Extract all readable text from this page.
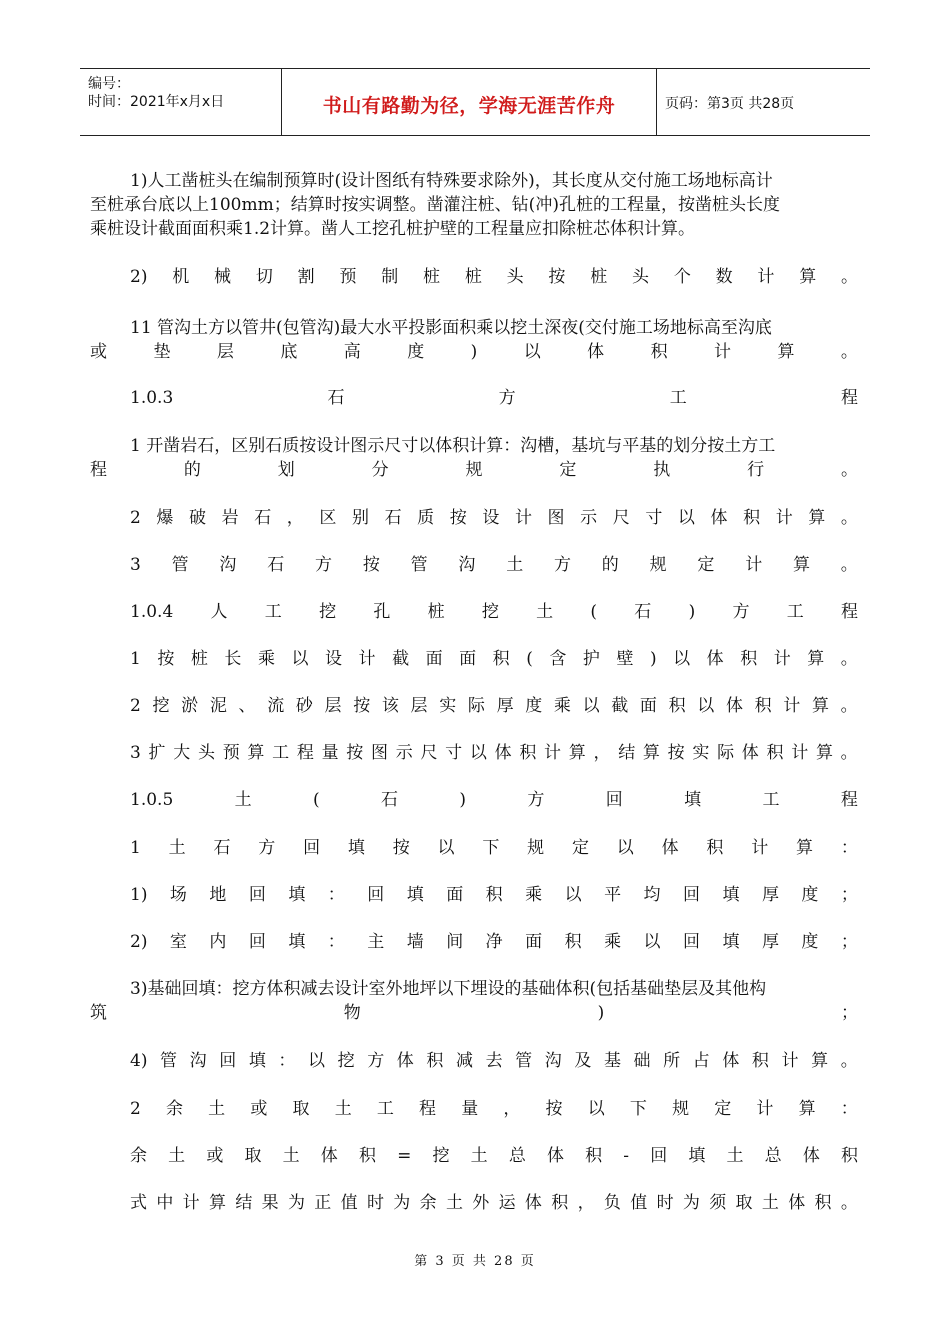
编号：
时间：2021年x月x日	书山有路勤为径，学海无涯苦作舟	页码：第3页 共28页
1)人工凿桩头在编制预算时(设计图纸有特殊要求除外)，其长度从交付施工场地标高计
至桩承台底以上100mm；结算时按实调整。凿灌注桩、钻(冲)孔桩的工程量，按凿桩头长度
乘桩设计截面面积乘1.2计算。凿人工挖孔桩护壁的工程量应扣除桩芯体积计算。
2) 机 械 切 割 预 制 桩 桩 头 按 桩 头 个 数 计 算 。
11 管沟土方以管井(包管沟)最大水平投影面积乘以挖土深夜(交付施工场地标高至沟底
或	垫	层	底	高	度	)	以	体	积	计	算	。
1.0.3	石	方	工	程
1 开凿岩石，区别石质按设计图示尺寸以体积计算：沟槽，基坑与平基的划分按土方工
程	的	划	分	规	定	执	行	。
2 爆 破 岩 石 ， 区 别 石 质 按 设 计 图 示 尺 寸 以 体 积 计 算 。
3 管 沟 石 方 按 管 沟 土 方 的 规 定 计 算 。
1.0.4 人 工 挖 孔 桩 挖 土 ( 石 ) 方 工 程
1 按 桩 长 乘 以 设 计 截 面 面 积 ( 含 护 壁 ) 以 体 积 计 算 。
2 挖 淤 泥 、 流 砂 层 按 该 层 实 际 厚 度 乘 以 截 面 积 以 体 积 计 算 。
3 扩 大 头 预 算 工 程 量 按 图 示 尺 寸 以 体 积 计 算 ， 结 算 按 实 际 体 积 计 算 。
1.0.5	土	(	石	)	方	回	填	工	程
1 土 石 方 回 填 按 以 下 规 定 以 体 积 计 算 ：
1) 场 地 回 填 ： 回 填 面 积 乘 以 平 均 回 填 厚 度 ；
2) 室 内 回 填 ： 主 墙 间 净 面 积 乘 以 回 填 厚 度 ；
3)基础回填：挖方体积减去设计室外地坪以下埋设的基础体积(包括基础垫层及其他构
筑	物	)	；
4) 管 沟 回 填 ： 以 挖 方 体 积 减 去 管 沟 及 基 础 所 占 体 积 计 算 。
2 余 土 或 取 土 工 程 量 ， 按 以 下 规 定 计 算 ：
余 土 或 取 土 体 积 = 挖 土 总 体 积 - 回 填 土 总 体 积
式 中 计 算 结 果 为 正 值 时 为 余 土 外 运 体 积 ， 负 值 时 为 须 取 土 体 积 。
第 3 页 共 28 页
